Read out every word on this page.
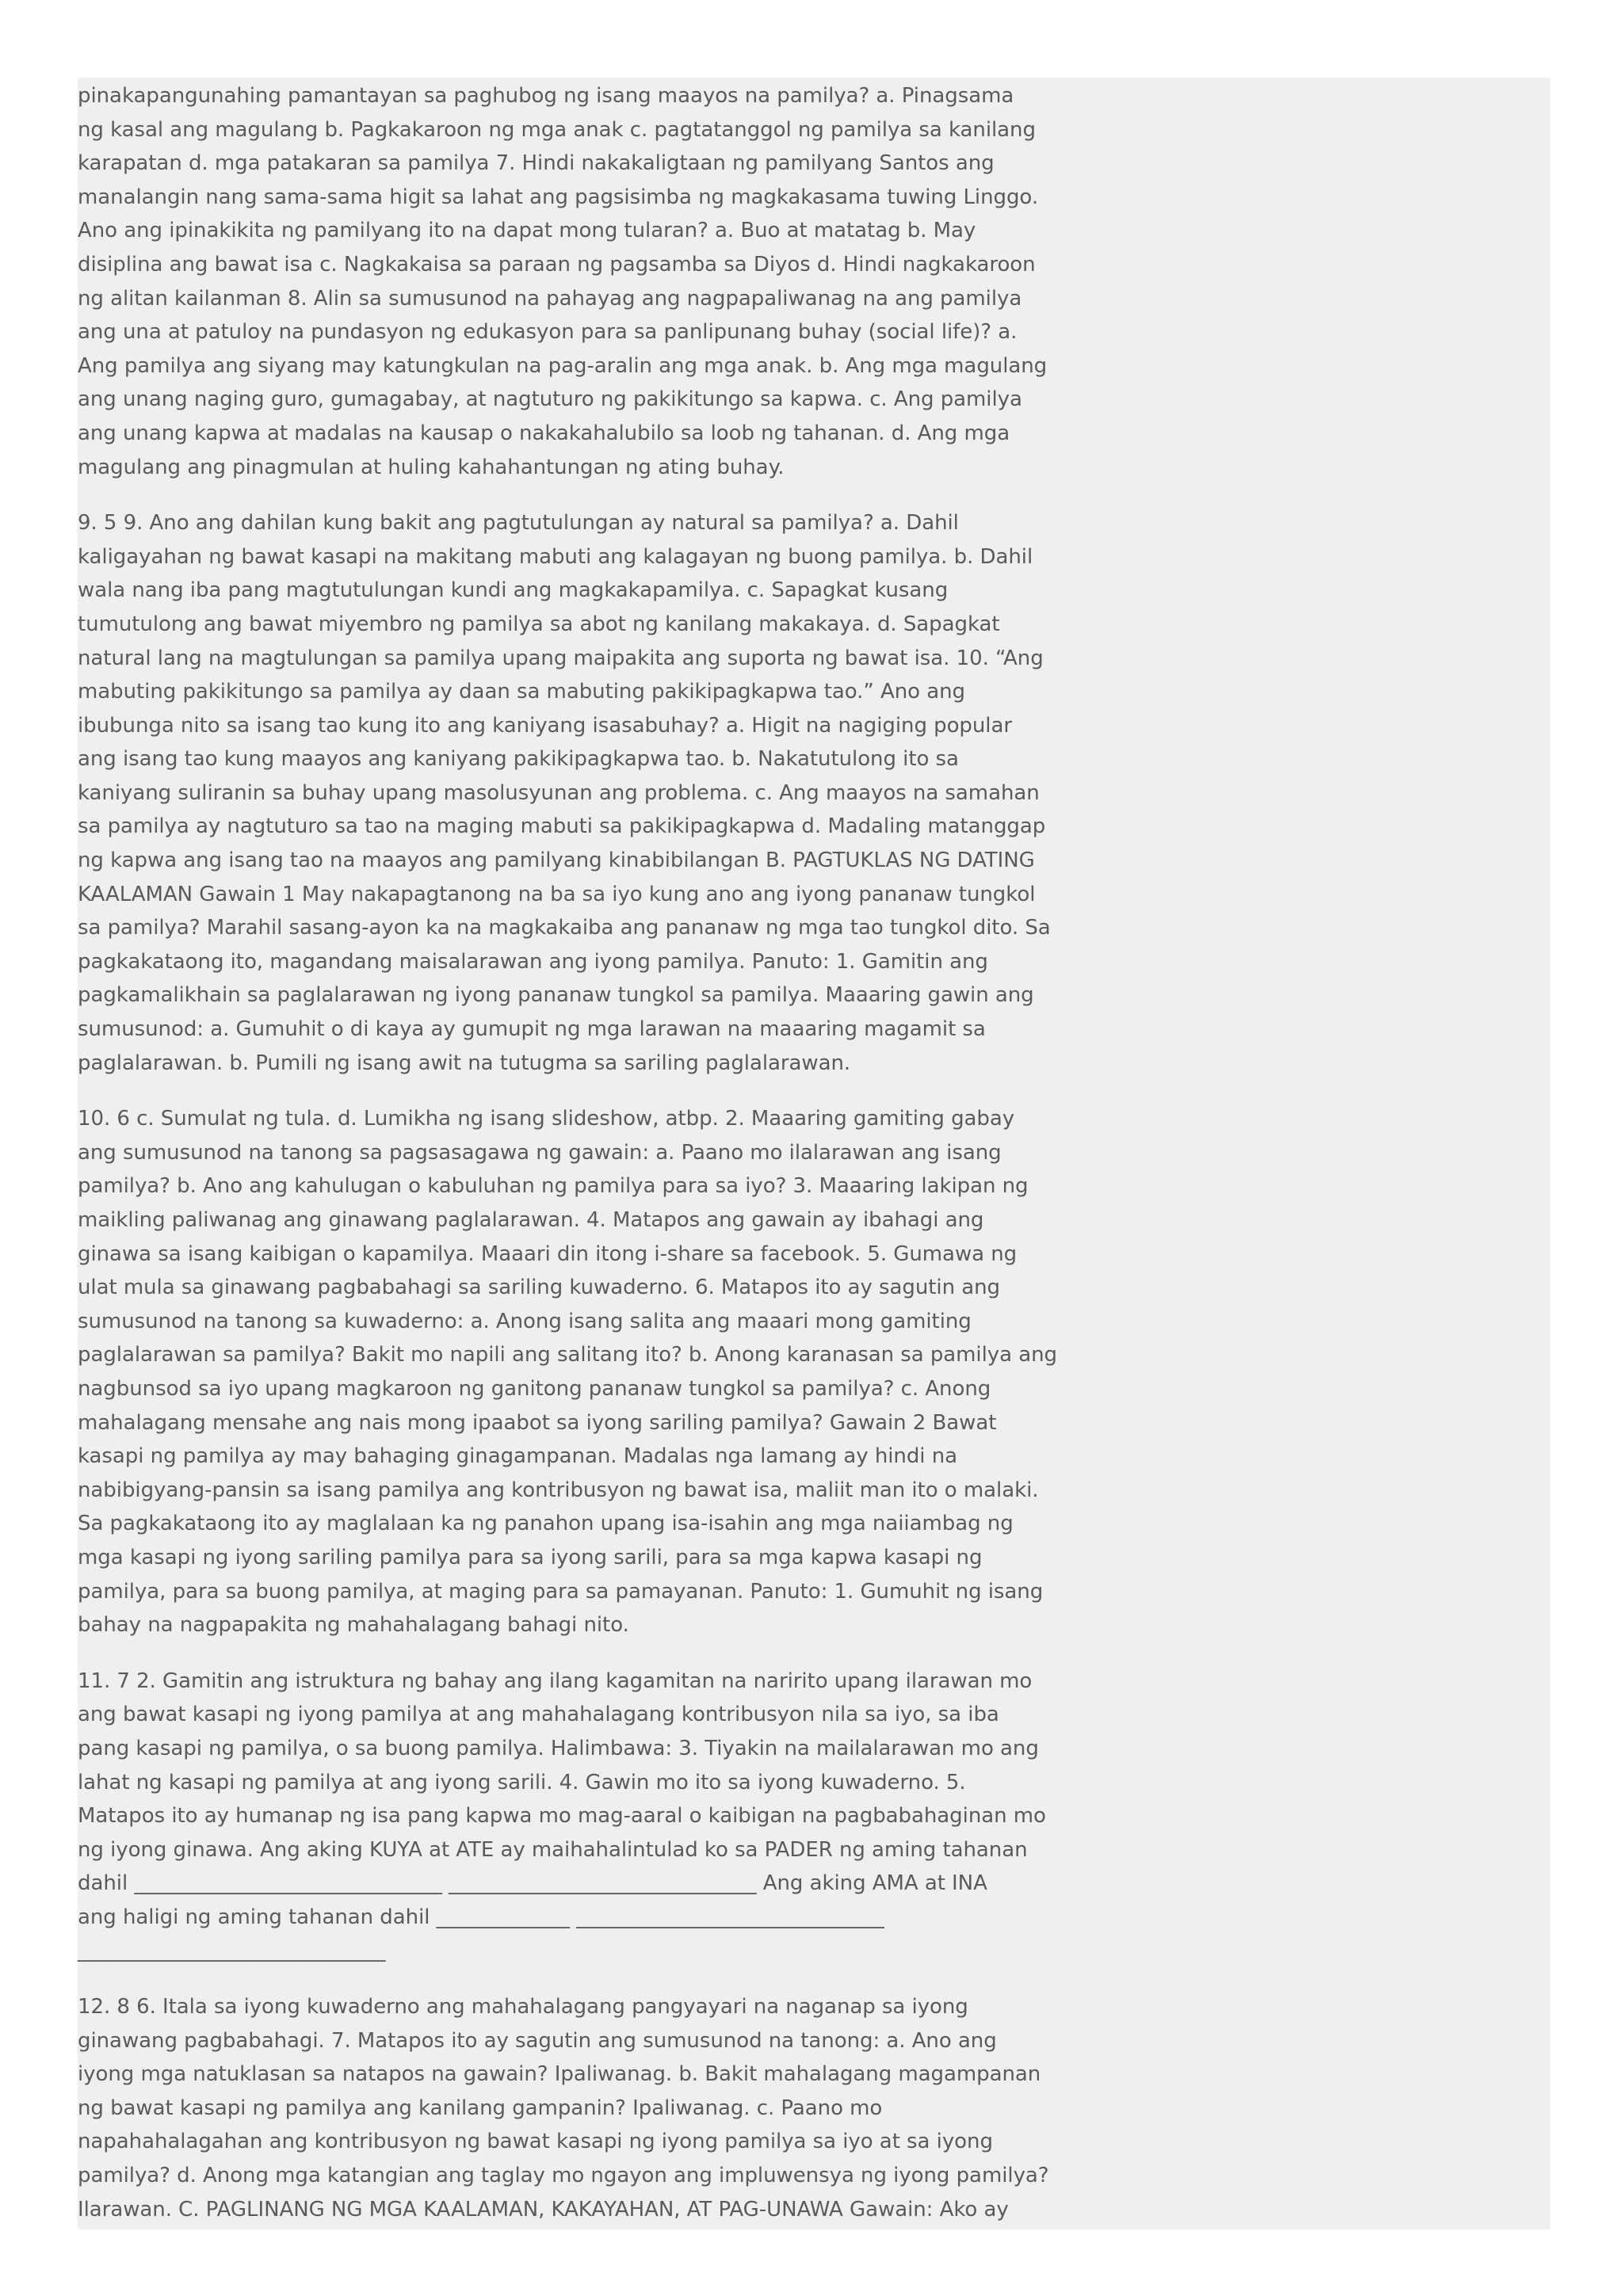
pinakapangunahing pamantayan sa paghubog ng isang maayos na pamilya? a. Pinagsama
ng kasal ang magulang b. Pagkakaroon ng mga anak c. pagtatanggol ng pamilya sa kanilang
karapatan d. mga patakaran sa pamilya 7. Hindi nakakaligtaan ng pamilyang Santos ang
manalangin nang sama-sama higit sa lahat ang pagsisimba ng magkakasama tuwing Linggo.
Ano ang ipinakikita ng pamilyang ito na dapat mong tularan? a. Buo at matatag b. May
disiplina ang bawat isa c. Nagkakaisa sa paraan ng pagsamba sa Diyos d. Hindi nagkakaroon
ng alitan kailanman 8. Alin sa sumusunod na pahayag ang nagpapaliwanag na ang pamilya
ang una at patuloy na pundasyon ng edukasyon para sa panlipunang buhay (social life)? a.
Ang pamilya ang siyang may katungkulan na pag-aralin ang mga anak. b. Ang mga magulang
ang unang naging guro, gumagabay, at nagtuturo ng pakikitungo sa kapwa. c. Ang pamilya
ang unang kapwa at madalas na kausap o nakakahalubilo sa loob ng tahanan. d. Ang mga
magulang ang pinagmulan at huling kahahantungan ng ating buhay.

9. 5 9. Ano ang dahilan kung bakit ang pagtutulungan ay natural sa pamilya? a. Dahil
kaligayahan ng bawat kasapi na makitang mabuti ang kalagayan ng buong pamilya. b. Dahil
wala nang iba pang magtutulungan kundi ang magkakapamilya. c. Sapagkat kusang
tumutulong ang bawat miyembro ng pamilya sa abot ng kanilang makakaya. d. Sapagkat
natural lang na magtulungan sa pamilya upang maipakita ang suporta ng bawat isa. 10. “Ang
mabuting pakikitungo sa pamilya ay daan sa mabuting pakikipagkapwa tao.” Ano ang
ibubunga nito sa isang tao kung ito ang kaniyang isasabuhay? a. Higit na nagiging popular
ang isang tao kung maayos ang kaniyang pakikipagkapwa tao. b. Nakatutulong ito sa
kaniyang suliranin sa buhay upang masolusyunan ang problema. c. Ang maayos na samahan
sa pamilya ay nagtuturo sa tao na maging mabuti sa pakikipagkapwa d. Madaling matanggap
ng kapwa ang isang tao na maayos ang pamilyang kinabibilangan B. PAGTUKLAS NG DATING
KAALAMAN Gawain 1 May nakapagtanong na ba sa iyo kung ano ang iyong pananaw tungkol
sa pamilya? Marahil sasang-ayon ka na magkakaiba ang pananaw ng mga tao tungkol dito. Sa
pagkakataong ito, magandang maisalarawan ang iyong pamilya. Panuto: 1. Gamitin ang
pagkamalikhain sa paglalarawan ng iyong pananaw tungkol sa pamilya. Maaaring gawin ang
sumusunod: a. Gumuhit o di kaya ay gumupit ng mga larawan na maaaring magamit sa
paglalarawan. b. Pumili ng isang awit na tutugma sa sariling paglalarawan.

10. 6 c. Sumulat ng tula. d. Lumikha ng isang slideshow, atbp. 2. Maaaring gamiting gabay
ang sumusunod na tanong sa pagsasagawa ng gawain: a. Paano mo ilalarawan ang isang
pamilya? b. Ano ang kahulugan o kabuluhan ng pamilya para sa iyo? 3. Maaaring lakipan ng
maikling paliwanag ang ginawang paglalarawan. 4. Matapos ang gawain ay ibahagi ang
ginawa sa isang kaibigan o kapamilya. Maaari din itong i-share sa facebook. 5. Gumawa ng
ulat mula sa ginawang pagbabahagi sa sariling kuwaderno. 6. Matapos ito ay sagutin ang
sumusunod na tanong sa kuwaderno: a. Anong isang salita ang maaari mong gamiting
paglalarawan sa pamilya? Bakit mo napili ang salitang ito? b. Anong karanasan sa pamilya ang
nagbunsod sa iyo upang magkaroon ng ganitong pananaw tungkol sa pamilya? c. Anong
mahalagang mensahe ang nais mong ipaabot sa iyong sariling pamilya? Gawain 2 Bawat
kasapi ng pamilya ay may bahaging ginagampanan. Madalas nga lamang ay hindi na
nabibigyang-pansin sa isang pamilya ang kontribusyon ng bawat isa, maliit man ito o malaki.
Sa pagkakataong ito ay maglalaan ka ng panahon upang isa-isahin ang mga naiiambag ng
mga kasapi ng iyong sariling pamilya para sa iyong sarili, para sa mga kapwa kasapi ng
pamilya, para sa buong pamilya, at maging para sa pamayanan. Panuto: 1. Gumuhit ng isang
bahay na nagpapakita ng mahahalagang bahagi nito.

11. 7 2. Gamitin ang istruktura ng bahay ang ilang kagamitan na naririto upang ilarawan mo
ang bawat kasapi ng iyong pamilya at ang mahahalagang kontribusyon nila sa iyo, sa iba
pang kasapi ng pamilya, o sa buong pamilya. Halimbawa: 3. Tiyakin na mailalarawan mo ang
lahat ng kasapi ng pamilya at ang iyong sarili. 4. Gawin mo ito sa iyong kuwaderno. 5.
Matapos ito ay humanap ng isa pang kapwa mo mag-aaral o kaibigan na pagbabahaginan mo
ng iyong ginawa. Ang aking KUYA at ATE ay maihahalintulad ko sa PADER ng aming tahanan
dahil ______________________________ ______________________________ Ang aking AMA at INA
ang haligi ng aming tahanan dahil _____________ ______________________________
______________________________

12. 8 6. Itala sa iyong kuwaderno ang mahahalagang pangyayari na naganap sa iyong
ginawang pagbabahagi. 7. Matapos ito ay sagutin ang sumusunod na tanong: a. Ano ang
iyong mga natuklasan sa natapos na gawain? Ipaliwanag. b. Bakit mahalagang magampanan
ng bawat kasapi ng pamilya ang kanilang gampanin? Ipaliwanag. c. Paano mo
napahahalagahan ang kontribusyon ng bawat kasapi ng iyong pamilya sa iyo at sa iyong
pamilya? d. Anong mga katangian ang taglay mo ngayon ang impluwensya ng iyong pamilya?
Ilarawan. C. PAGLINANG NG MGA KAALAMAN, KAKAYAHAN, AT PAG-UNAWA Gawain: Ako ay
